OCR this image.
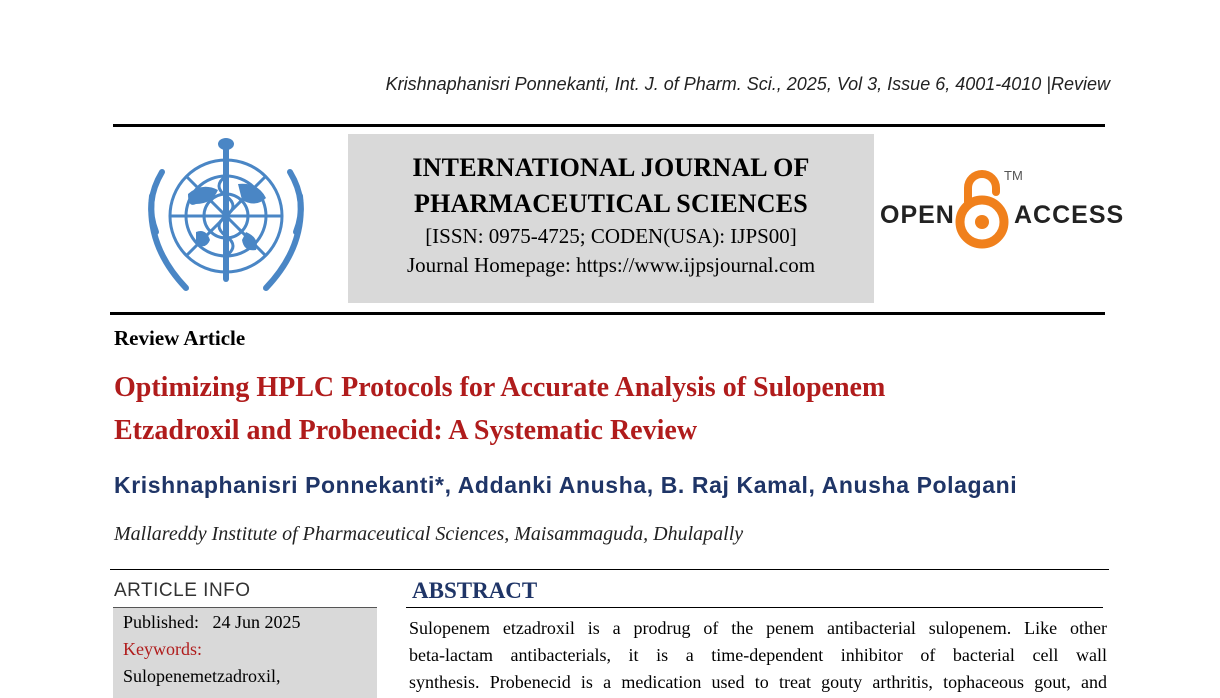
Krishnaphanisri Ponnekanti, Int. J. of Pharm. Sci., 2025, Vol 3, Issue 6, 4001-4010 |Review
INTERNATIONAL JOURNAL OF
PHARMACEUTICAL SCIENCES
[ISSN: 0975-4725; CODEN(USA): IJPS00]
Journal Homepage: https://www.ijpsjournal.com
OPEN
TM
ACCESS
Review Article
Optimizing HPLC Protocols for Accurate Analysis of Sulopenem
Etzadroxil and Probenecid: A Systematic Review
Krishnaphanisri Ponnekanti*, Addanki Anusha, B. Raj Kamal, Anusha Polagani
Mallareddy Institute of Pharmaceutical Sciences, Maisammaguda, Dhulapally
ARTICLE INFO
Published: 24 Jun 2025
Keywords:
Sulopenemetzadroxil,
ABSTRACT
Sulopenem etzadroxil is a prodrug of the penem antibacterial sulopenem. Like other
beta-lactam antibacterials, it is a time-dependent inhibitor of bacterial cell wall
synthesis. Probenecid is a medication used to treat gouty arthritis, tophaceous gout, and
